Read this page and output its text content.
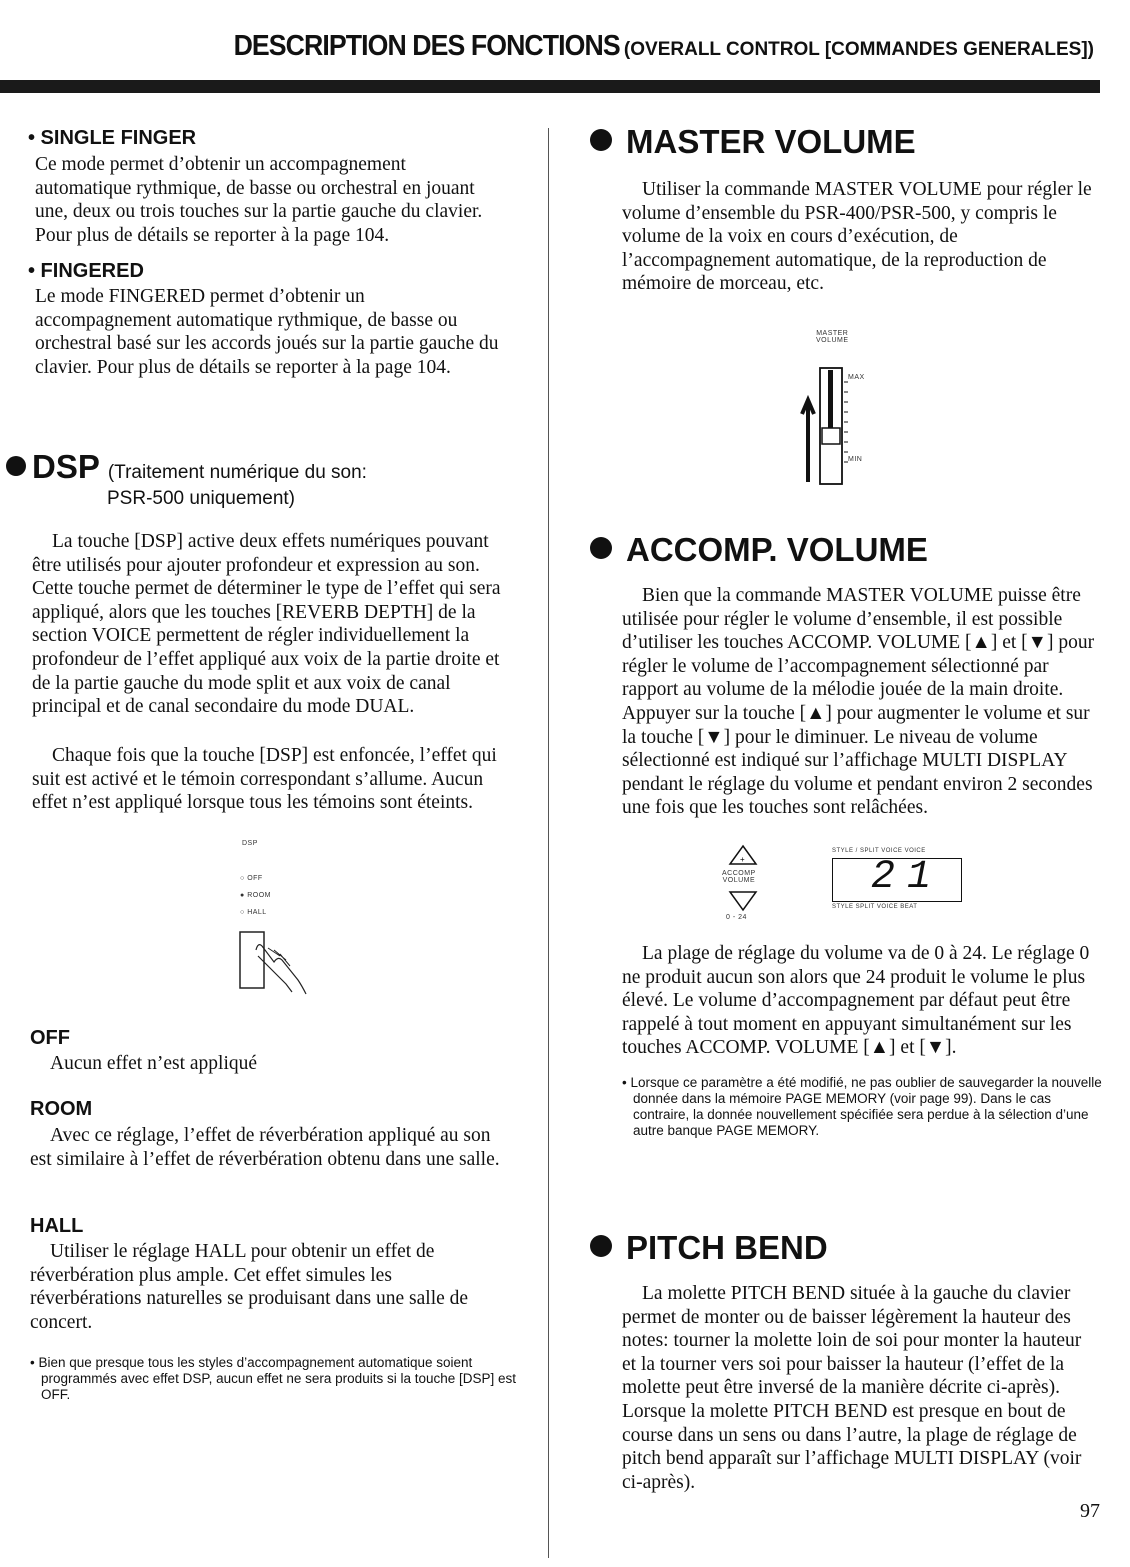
DESCRIPTION DES FONCTIONS (OVERALL CONTROL [COMMANDES GENERALES])
• SINGLE FINGER

Ce mode permet d’obtenir un accompagnement automatique rythmique, de basse ou orchestral en jouant une, deux ou trois touches sur la partie gauche du clavier. Pour plus de détails se reporter à la page 104.

• FINGERED

Le mode FINGERED permet d’obtenir un accompagnement automatique rythmique, de basse ou orchestral basé sur les accords joués sur la partie gauche du clavier. Pour plus de détails se reporter à la page 104.

DSP (Traitement numérique du son:
PSR-500 uniquement)

La touche [DSP] active deux effets numériques pouvant être utilisés pour ajouter profondeur et expression au son. Cette touche permet de déterminer le type de l’effet qui sera appliqué, alors que les touches [REVERB DEPTH] de la section VOICE permettent de régler individuellement la profondeur de l’effet appliqué aux voix de la partie droite et de la partie gauche du mode split et aux voix de canal principal et de canal secondaire du mode DUAL.

Chaque fois que la touche [DSP] est enfoncée, l’effet qui suit est activé et le témoin correspondant s’allume. Aucun effet n’est appliqué lorsque tous les témoins sont éteints.

DSP
○ OFF
● ROOM
○ HALL
OFF

Aucun effet n’est appliqué

ROOM

Avec ce réglage, l’effet de réverbération appliqué au son est similaire à l’effet de réverbération obtenu dans une salle.

HALL

Utiliser le réglage HALL pour obtenir un effet de réverbération plus ample. Cet effet simules les réverbérations naturelles se produisant dans une salle de concert.

• Bien que presque tous les styles d’accompagnement automatique soient programmés avec effet DSP, aucun effet ne sera produits si la touche [DSP] est OFF.

MASTER VOLUME

Utiliser la commande MASTER VOLUME pour régler le volume d’ensemble du PSR-400/PSR-500, y compris le volume de la voix en cours d’exécution, de l’accompagnement automatique, de la reproduction de mémoire de morceau, etc.

MASTER
VOLUME
MAX
MIN
ACCOMP. VOLUME

Bien que la commande MASTER VOLUME puisse être utilisée pour régler le volume d’ensemble, il est possible d’utiliser les touches ACCOMP. VOLUME [▲] et [▼] pour régler le volume de l’accompagnement sélectionné par rapport au volume de la mélodie jouée de la main droite. Appuyer sur la touche [▲] pour augmenter le volume et sur la touche [▼] pour le diminuer. Le niveau de volume sélectionné est indiqué sur l’affichage MULTI DISPLAY pendant le réglage du volume et pendant environ 2 secondes une fois que les touches sont relâchées.

+
ACCOMP
VOLUME
0 - 24
STYLE / SPLIT VOICE VOICE
21
STYLE SPLIT VOICE BEAT

La plage de réglage du volume va de 0 à 24. Le réglage 0 ne produit aucun son alors que 24 produit le volume le plus élevé. Le volume d’accompagnement par défaut peut être rappelé à tout moment en appuyant simultanément sur les touches ACCOMP. VOLUME [▲] et [▼].

• Lorsque ce paramètre a été modifié, ne pas oublier de sauvegarder la nouvelle donnée dans la mémoire PAGE MEMORY (voir page 99). Dans le cas contraire, la donnée nouvellement spécifiée sera perdue à la sélection d’une autre banque PAGE MEMORY.

PITCH BEND

La molette PITCH BEND située à la gauche du clavier permet de monter ou de baisser légèrement la hauteur des notes: tourner la molette loin de soi pour monter la hauteur et la tourner vers soi pour baisser la hauteur (l’effet de la molette peut être inversé de la manière décrite ci-après). Lorsque la molette PITCH BEND est presque en bout de course dans un sens ou dans l’autre, la plage de réglage de pitch bend apparaît sur l’affichage MULTI DISPLAY (voir ci-après).

97
